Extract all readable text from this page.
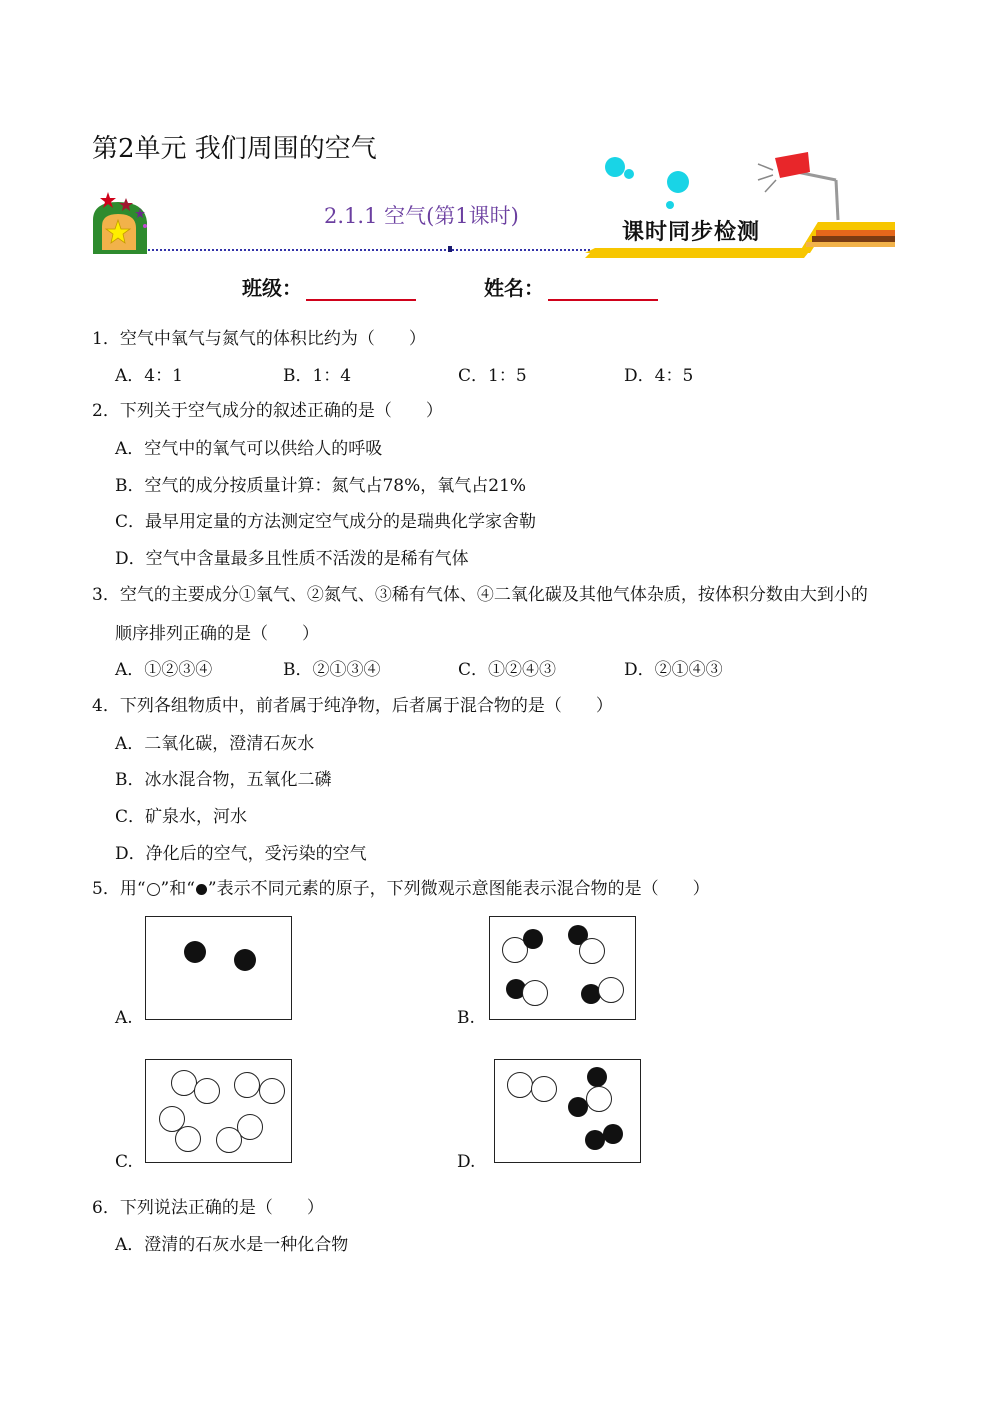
第2单元 我们周围的空气
2.1.1 空气(第1课时)
课时同步检测
班级：	姓名：
1．空气中氧气与氮气的体积比约为（　　）
A．4：1	B．1：4	C．1：5	D．4：5
2．下列关于空气成分的叙述正确的是（　　）
A．空气中的氧气可以供给人的呼吸
B．空气的成分按质量计算：氮气占78%，氧气占21%
C．最早用定量的方法测定空气成分的是瑞典化学家舍勒
D．空气中含量最多且性质不活泼的是稀有气体
3．空气的主要成分①氧气、②氮气、③稀有气体、④二氧化碳及其他气体杂质，按体积分数由大到小的
顺序排列正确的是（　　）
A．①②③④	B．②①③④	C．①②④③	D．②①④③
4．下列各组物质中，前者属于纯净物，后者属于混合物的是（　　）
A．二氧化碳，澄清石灰水
B．冰水混合物，五氧化二磷
C．矿泉水，河水
D．净化后的空气，受污染的空气
5．用“ ”和“ ”表示不同元素的原子，下列微观示意图能表示混合物的是（　　）
A.	B.
C.	D.
6．下列说法正确的是（　　）
A．澄清的石灰水是一种化合物
